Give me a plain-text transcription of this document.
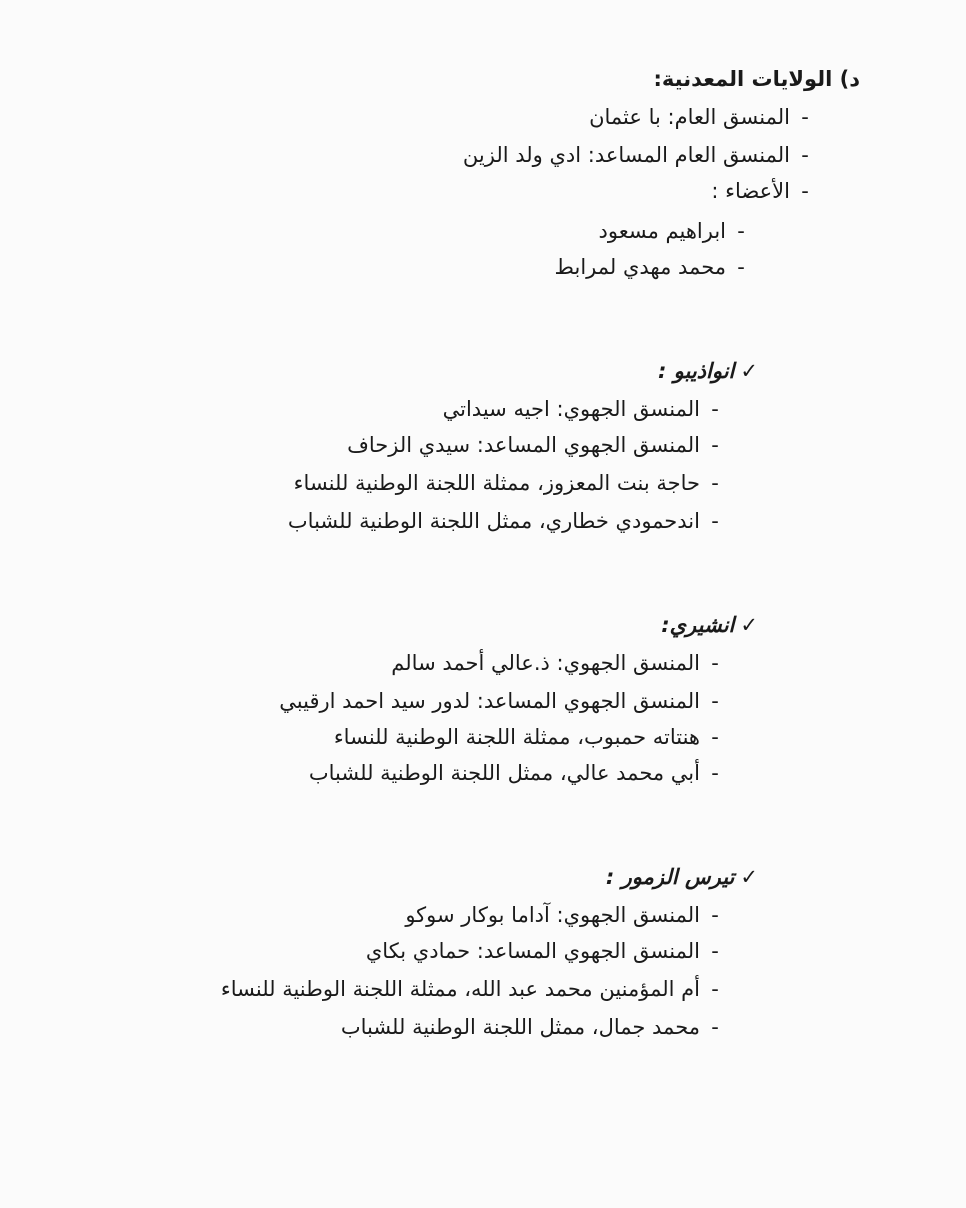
د) الولايات المعدنية:
-المنسق العام: با عثمان
-المنسق العام المساعد: ادي ولد الزين
-الأعضاء :
-ابراهيم مسعود
-محمد مهدي لمرابط
✓انواذيبو :
-المنسق الجهوي: اجيه سيداتي
-المنسق الجهوي المساعد: سيدي الزحاف
-حاجة بنت المعزوز، ممثلة اللجنة الوطنية للنساء
-اندحمودي خطاري، ممثل اللجنة الوطنية للشباب
✓انشيري:
-المنسق الجهوي: ذ.عالي أحمد سالم
-المنسق الجهوي المساعد: لدور سيد احمد ارقيبي
-هنتاته حمبوب، ممثلة اللجنة الوطنية للنساء
-أبي محمد عالي، ممثل اللجنة الوطنية للشباب
✓تيرس الزمور :
-المنسق الجهوي: آداما بوكار سوكو
-المنسق الجهوي المساعد: حمادي بكاي
-أم المؤمنين محمد عبد الله، ممثلة اللجنة الوطنية للنساء
-محمد جمال، ممثل اللجنة الوطنية للشباب
